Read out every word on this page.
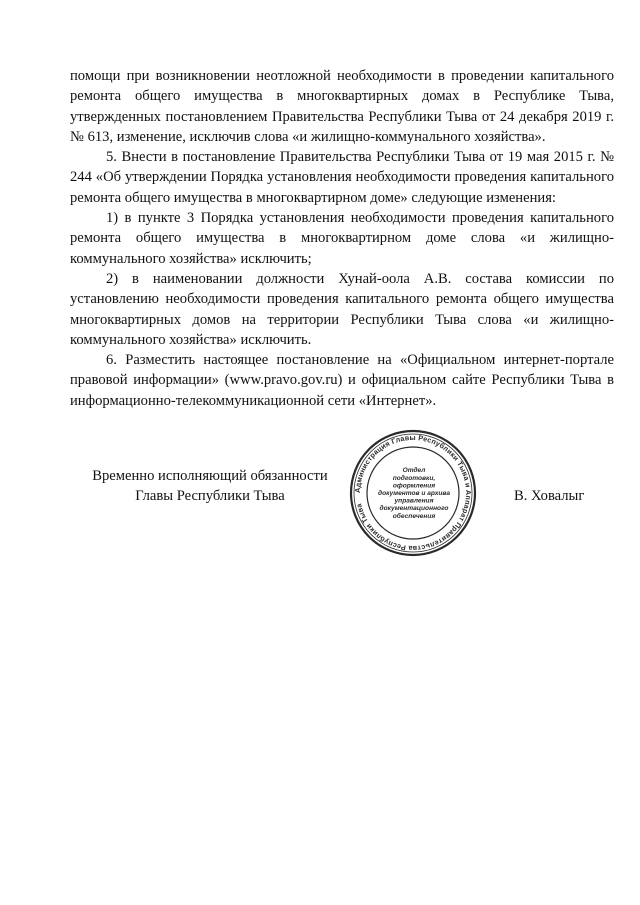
помощи при возникновении неотложной необходимости в проведении капитального ремонта общего имущества в многоквартирных домах в Республике Тыва, утвержденных постановлением Правительства Республики Тыва от 24 декабря 2019 г. № 613, изменение, исключив слова «и жилищно-коммунального хозяйства».

5. Внести в постановление Правительства Республики Тыва от 19 мая 2015 г. № 244 «Об утверждении Порядка установления необходимости проведения капитального ремонта общего имущества в многоквартирном доме» следующие изменения:

1) в пункте 3 Порядка установления необходимости проведения капитального ремонта общего имущества в многоквартирном доме слова «и жилищно-коммунального хозяйства» исключить;

2) в наименовании должности Хунай-оола А.В. состава комиссии по установлению необходимости проведения капитального ремонта общего имущества многоквартирных домов на территории Республики Тыва слова «и жилищно-коммунального хозяйства» исключить.

6. Разместить настоящее постановление на «Официальном интернет-портале правовой информации» (www.pravo.gov.ru) и официальном сайте Республики Тыва в информационно-телекоммуникационной сети «Интернет».

Временно исполняющий обязанности
Главы Республики Тыва	Администрация Главы Республики Тыва и Аппарат Правительства Республики Тыва
Отдел
подготовки,
оформления
документов и архива
управления
документационного
обеспечения
В. Ховалыг
